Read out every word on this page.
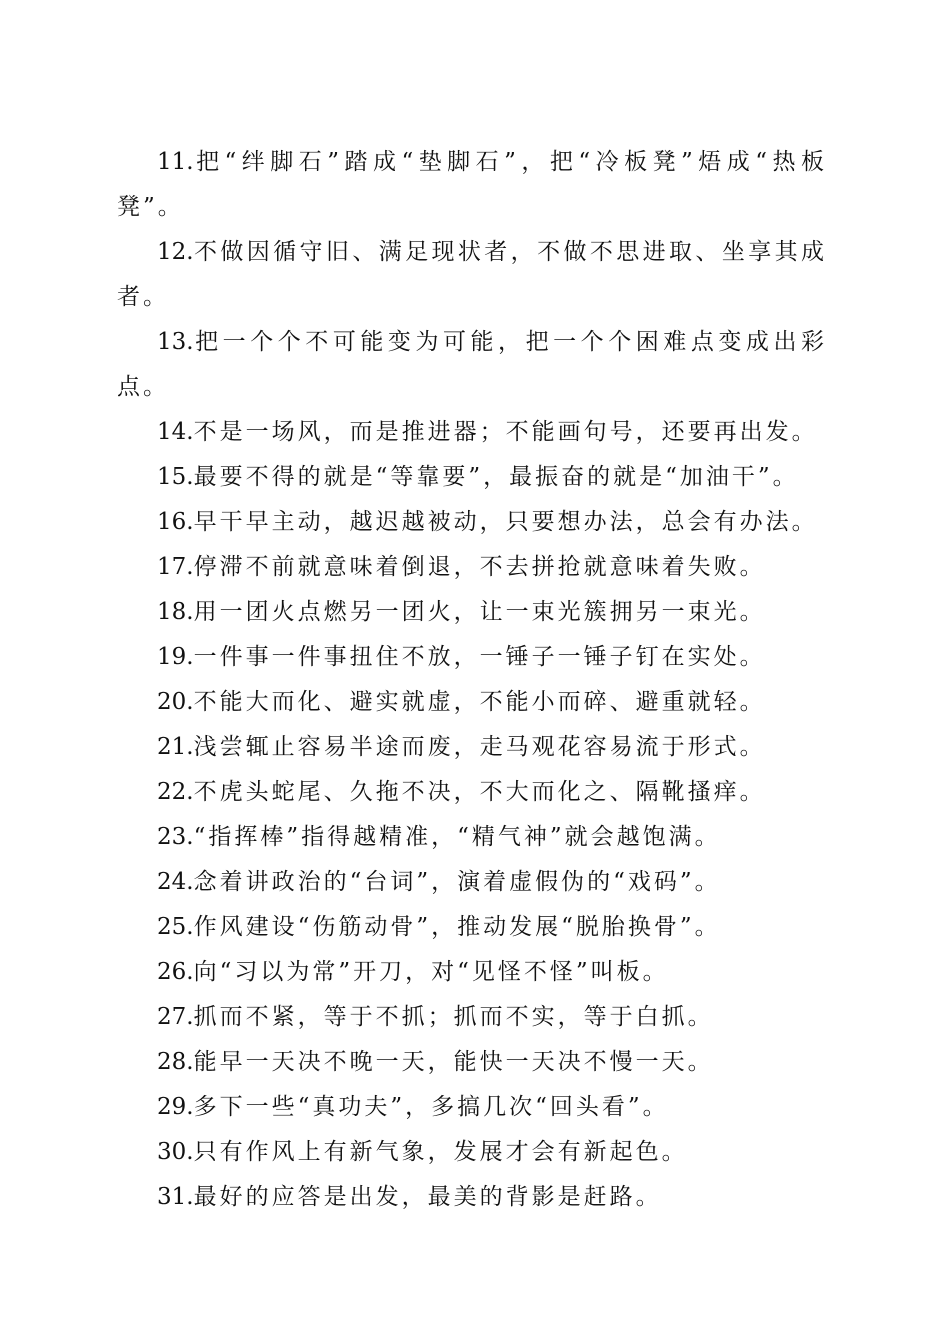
11.把“绊脚石”踏成“垫脚石”，把“冷板凳”焐成“热板凳”。

12.不做因循守旧、满足现状者，不做不思进取、坐享其成者。

13.把一个个不可能变为可能，把一个个困难点变成出彩点。

14.不是一场风，而是推进器；不能画句号，还要再出发。

15.最要不得的就是“等靠要”，最振奋的就是“加油干”。

16.早干早主动，越迟越被动，只要想办法，总会有办法。

17.停滞不前就意味着倒退，不去拼抢就意味着失败。

18.用一团火点燃另一团火，让一束光簇拥另一束光。

19.一件事一件事扭住不放，一锤子一锤子钉在实处。

20.不能大而化、避实就虚，不能小而碎、避重就轻。

21.浅尝辄止容易半途而废，走马观花容易流于形式。

22.不虎头蛇尾、久拖不决，不大而化之、隔靴搔痒。

23.“指挥棒”指得越精准，“精气神”就会越饱满。

24.念着讲政治的“台词”，演着虚假伪的“戏码”。

25.作风建设“伤筋动骨”，推动发展“脱胎换骨”。

26.向“习以为常”开刀，对“见怪不怪”叫板。

27.抓而不紧，等于不抓；抓而不实，等于白抓。

28.能早一天决不晚一天，能快一天决不慢一天。

29.多下一些“真功夫”，多搞几次“回头看”。

30.只有作风上有新气象，发展才会有新起色。

31.最好的应答是出发，最美的背影是赶路。
